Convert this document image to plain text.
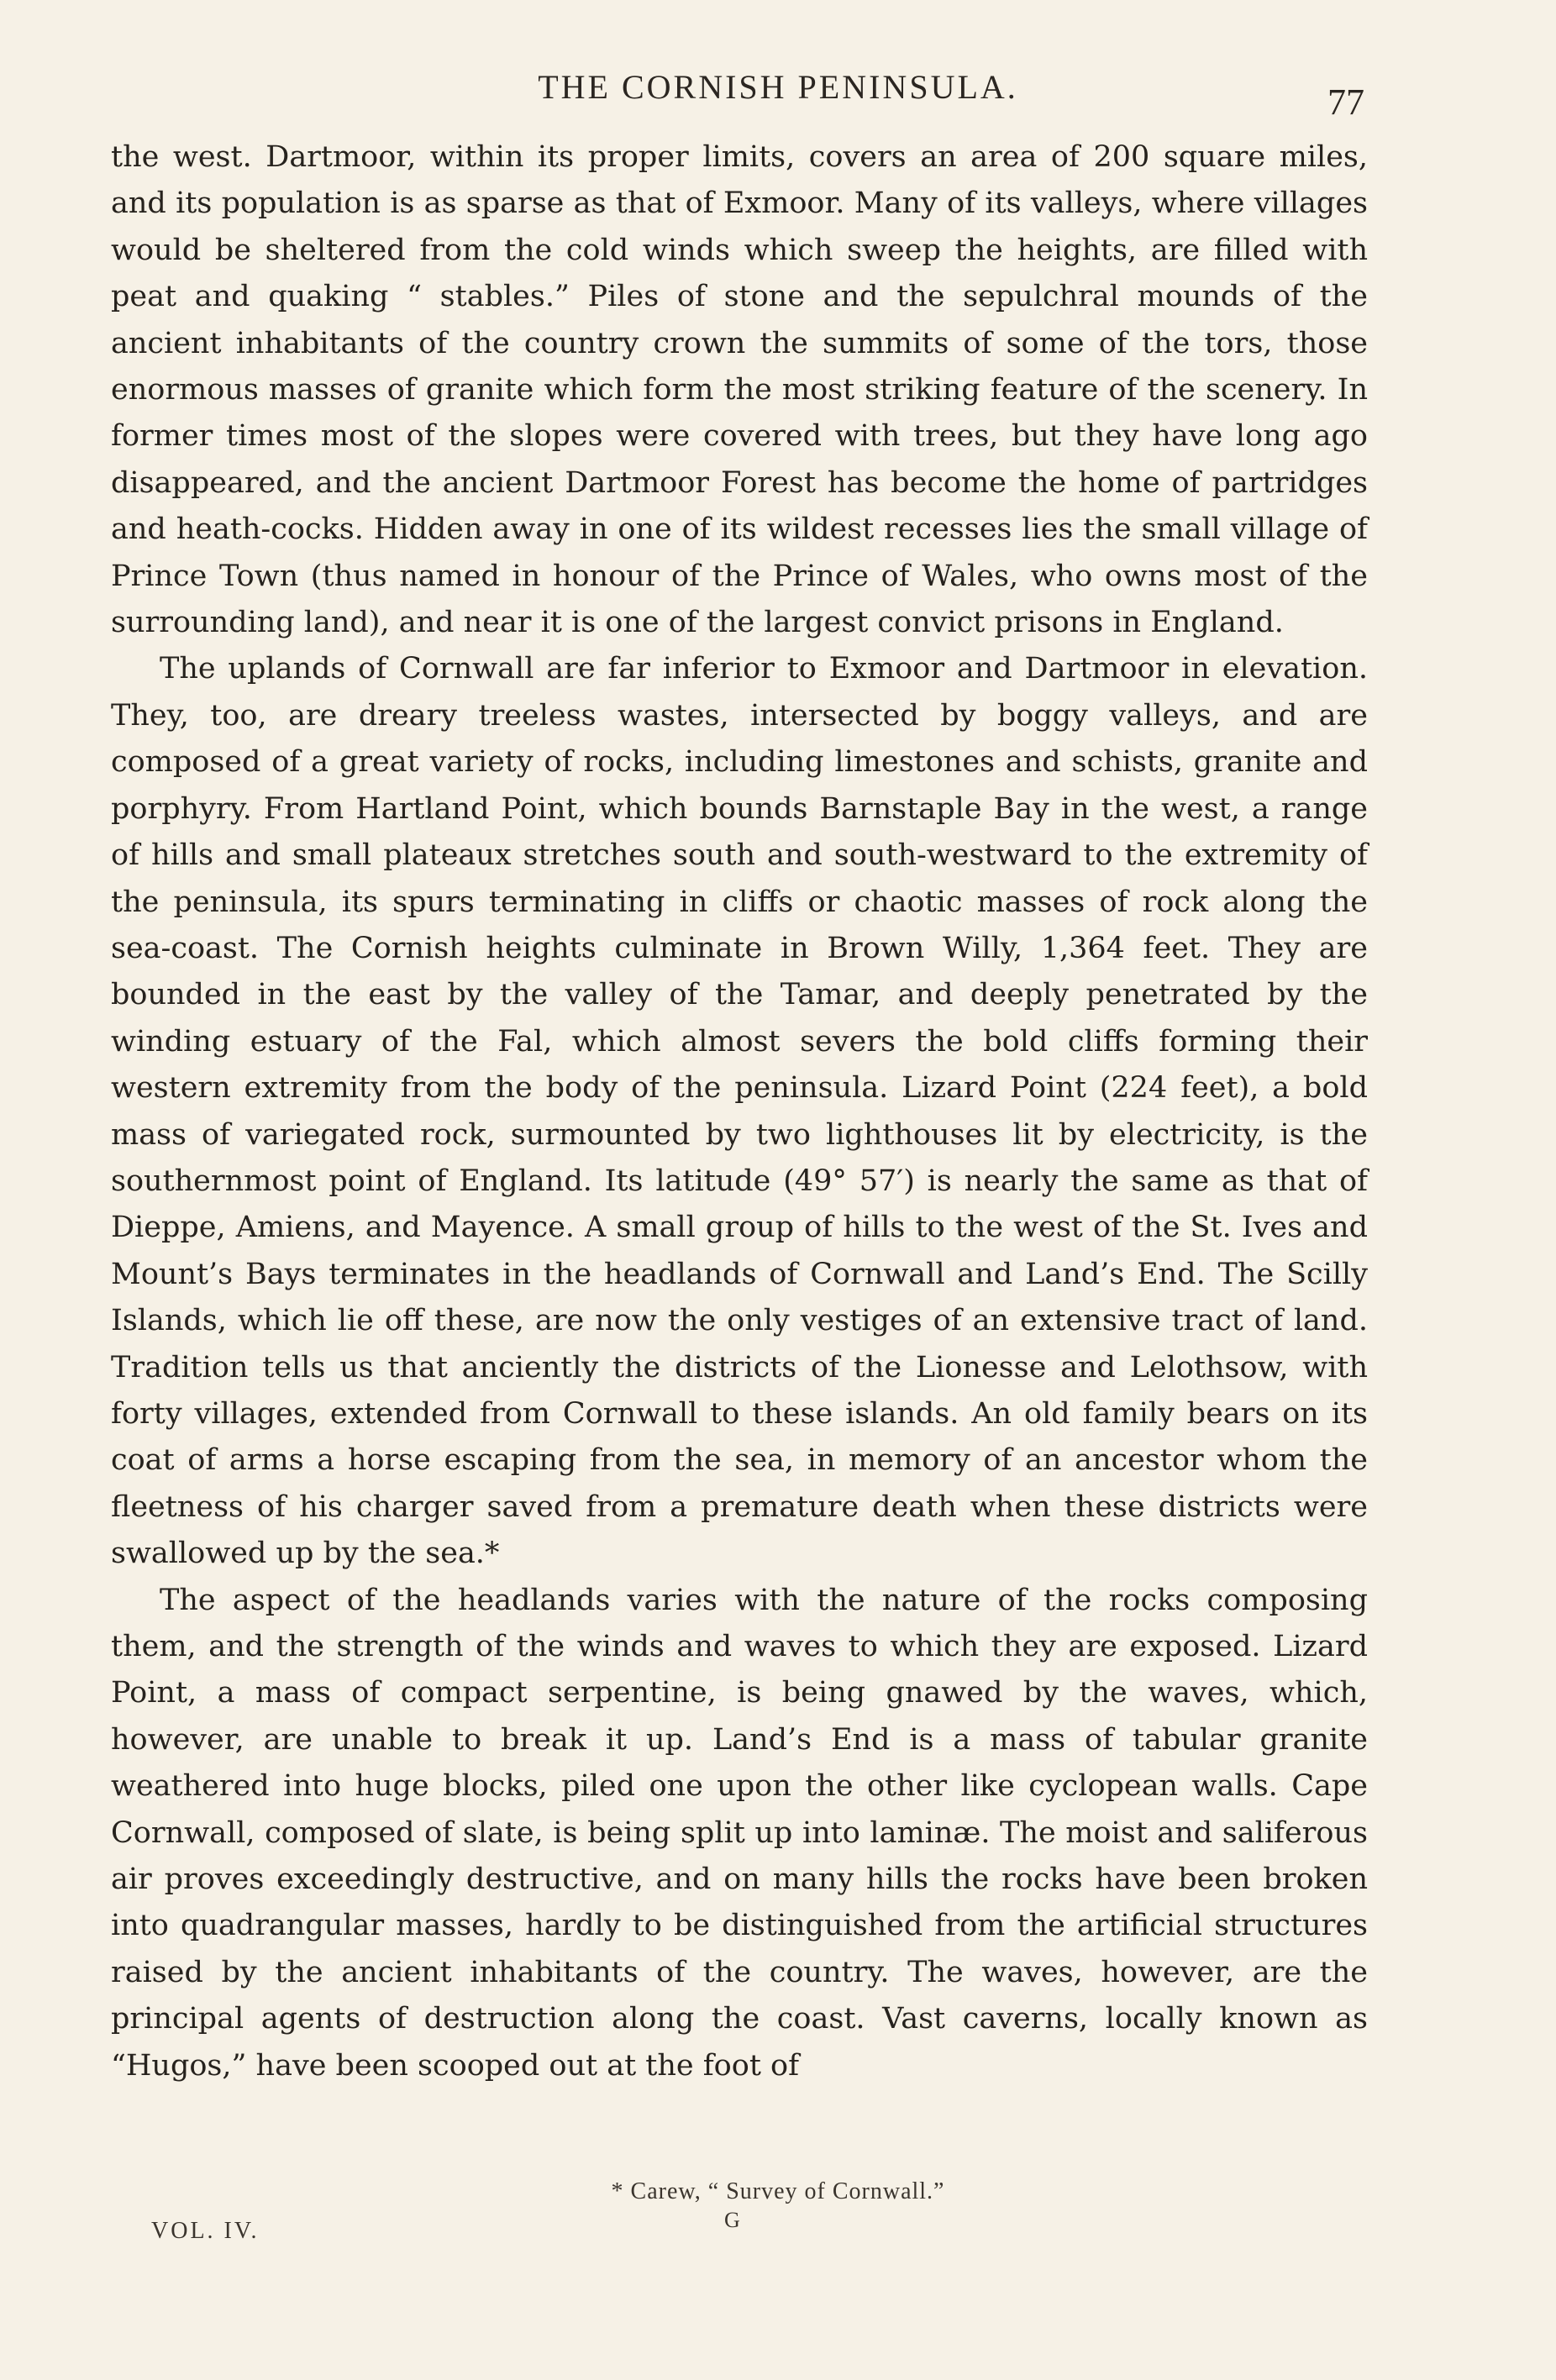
THE CORNISH PENINSULA.	77

the west. Dartmoor, within its proper limits, covers an area of 200 square miles, and its population is as sparse as that of Exmoor. Many of its valleys, where villages would be sheltered from the cold winds which sweep the heights, are filled with peat and quaking “ stables.” Piles of stone and the sepulchral mounds of the ancient inhabitants of the country crown the summits of some of the tors, those enormous masses of granite which form the most striking feature of the scenery. In former times most of the slopes were covered with trees, but they have long ago disappeared, and the ancient Dartmoor Forest has become the home of partridges and heath-cocks. Hidden away in one of its wildest recesses lies the small village of Prince Town (thus named in honour of the Prince of Wales, who owns most of the surrounding land), and near it is one of the largest convict prisons in England.

The uplands of Cornwall are far inferior to Exmoor and Dartmoor in elevation. They, too, are dreary treeless wastes, intersected by boggy valleys, and are composed of a great variety of rocks, including limestones and schists, granite and porphyry. From Hartland Point, which bounds Barnstaple Bay in the west, a range of hills and small plateaux stretches south and south-westward to the extremity of the peninsula, its spurs terminating in cliffs or chaotic masses of rock along the sea-coast. The Cornish heights culminate in Brown Willy, 1,364 feet. They are bounded in the east by the valley of the Tamar, and deeply penetrated by the winding estuary of the Fal, which almost severs the bold cliffs forming their western extremity from the body of the peninsula. Lizard Point (224 feet), a bold mass of variegated rock, surmounted by two lighthouses lit by electricity, is the southernmost point of England. Its latitude (49° 57′) is nearly the same as that of Dieppe, Amiens, and Mayence. A small group of hills to the west of the St. Ives and Mount’s Bays terminates in the headlands of Cornwall and Land’s End. The Scilly Islands, which lie off these, are now the only vestiges of an extensive tract of land. Tradition tells us that anciently the districts of the Lionesse and Lelothsow, with forty villages, extended from Cornwall to these islands. An old family bears on its coat of arms a horse escaping from the sea, in memory of an ancestor whom the fleetness of his charger saved from a premature death when these districts were swallowed up by the sea.*

The aspect of the headlands varies with the nature of the rocks composing them, and the strength of the winds and waves to which they are exposed. Lizard Point, a mass of compact serpentine, is being gnawed by the waves, which, however, are unable to break it up. Land’s End is a mass of tabular granite weathered into huge blocks, piled one upon the other like cyclopean walls. Cape Cornwall, composed of slate, is being split up into laminæ. The moist and saliferous air proves exceedingly destructive, and on many hills the rocks have been broken into quadrangular masses, hardly to be distinguished from the artificial structures raised by the ancient inhabitants of the country. The waves, however, are the principal agents of destruction along the coast. Vast caverns, locally known as “Hugos,” have been scooped out at the foot of

* Carew, “ Survey of Cornwall.”
VOL. IV.	G
